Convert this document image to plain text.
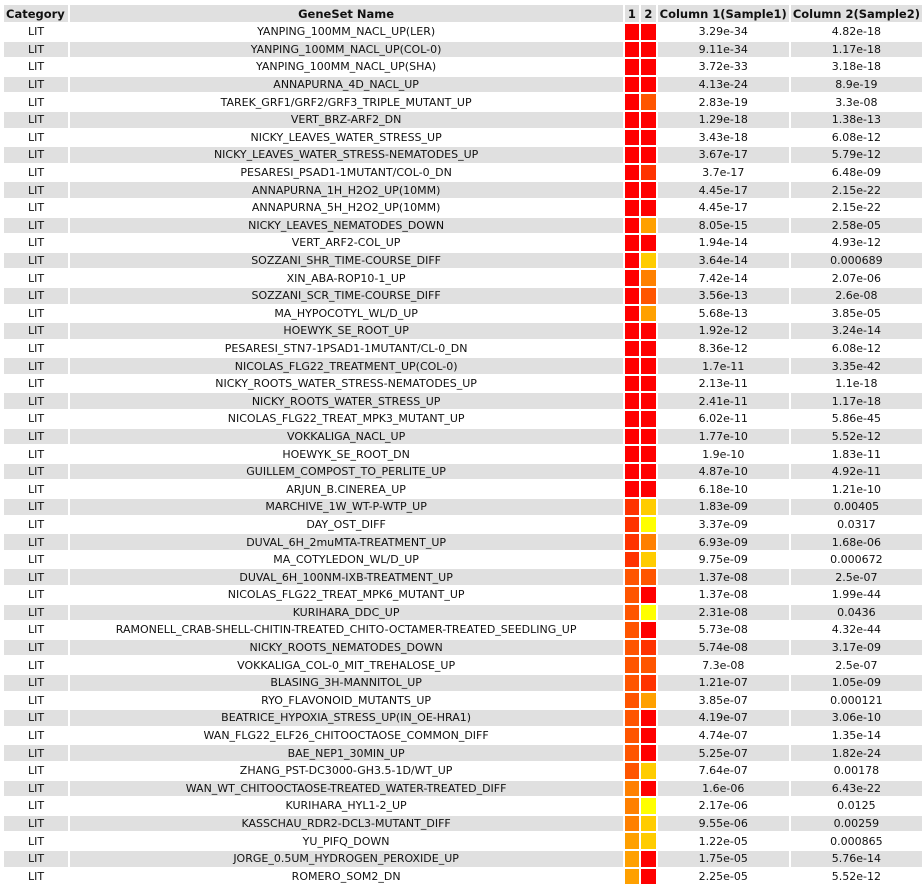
Category	GeneSet Name	1	2	Column 1(Sample1)	Column 2(Sample2)
LIT	YANPING_100MM_NACL_UP(LER)			3.29e-34	4.82e-18
LIT	YANPING_100MM_NACL_UP(COL-0)			9.11e-34	1.17e-18
LIT	YANPING_100MM_NACL_UP(SHA)			3.72e-33	3.18e-18
LIT	ANNAPURNA_4D_NACL_UP			4.13e-24	8.9e-19
LIT	TAREK_GRF1/GRF2/GRF3_TRIPLE_MUTANT_UP			2.83e-19	3.3e-08
LIT	VERT_BRZ-ARF2_DN			1.29e-18	1.38e-13
LIT	NICKY_LEAVES_WATER_STRESS_UP			3.43e-18	6.08e-12
LIT	NICKY_LEAVES_WATER_STRESS-NEMATODES_UP			3.67e-17	5.79e-12
LIT	PESARESI_PSAD1-1MUTANT/COL-0_DN			3.7e-17	6.48e-09
LIT	ANNAPURNA_1H_H2O2_UP(10MM)			4.45e-17	2.15e-22
LIT	ANNAPURNA_5H_H2O2_UP(10MM)			4.45e-17	2.15e-22
LIT	NICKY_LEAVES_NEMATODES_DOWN			8.05e-15	2.58e-05
LIT	VERT_ARF2-COL_UP			1.94e-14	4.93e-12
LIT	SOZZANI_SHR_TIME-COURSE_DIFF			3.64e-14	0.000689
LIT	XIN_ABA-ROP10-1_UP			7.42e-14	2.07e-06
LIT	SOZZANI_SCR_TIME-COURSE_DIFF			3.56e-13	2.6e-08
LIT	MA_HYPOCOTYL_WL/D_UP			5.68e-13	3.85e-05
LIT	HOEWYK_SE_ROOT_UP			1.92e-12	3.24e-14
LIT	PESARESI_STN7-1PSAD1-1MUTANT/CL-0_DN			8.36e-12	6.08e-12
LIT	NICOLAS_FLG22_TREATMENT_UP(COL-0)			1.7e-11	3.35e-42
LIT	NICKY_ROOTS_WATER_STRESS-NEMATODES_UP			2.13e-11	1.1e-18
LIT	NICKY_ROOTS_WATER_STRESS_UP			2.41e-11	1.17e-18
LIT	NICOLAS_FLG22_TREAT_MPK3_MUTANT_UP			6.02e-11	5.86e-45
LIT	VOKKALIGA_NACL_UP			1.77e-10	5.52e-12
LIT	HOEWYK_SE_ROOT_DN			1.9e-10	1.83e-11
LIT	GUILLEM_COMPOST_TO_PERLITE_UP			4.87e-10	4.92e-11
LIT	ARJUN_B.CINEREA_UP			6.18e-10	1.21e-10
LIT	MARCHIVE_1W_WT-P-WTP_UP			1.83e-09	0.00405
LIT	DAY_OST_DIFF			3.37e-09	0.0317
LIT	DUVAL_6H_2muMTA-TREATMENT_UP			6.93e-09	1.68e-06
LIT	MA_COTYLEDON_WL/D_UP			9.75e-09	0.000672
LIT	DUVAL_6H_100NM-IXB-TREATMENT_UP			1.37e-08	2.5e-07
LIT	NICOLAS_FLG22_TREAT_MPK6_MUTANT_UP			1.37e-08	1.99e-44
LIT	KURIHARA_DDC_UP			2.31e-08	0.0436
LIT	RAMONELL_CRAB-SHELL-CHITIN-TREATED_CHITO-OCTAMER-TREATED_SEEDLING_UP			5.73e-08	4.32e-44
LIT	NICKY_ROOTS_NEMATODES_DOWN			5.74e-08	3.17e-09
LIT	VOKKALIGA_COL-0_MIT_TREHALOSE_UP			7.3e-08	2.5e-07
LIT	BLASING_3H-MANNITOL_UP			1.21e-07	1.05e-09
LIT	RYO_FLAVONOID_MUTANTS_UP			3.85e-07	0.000121
LIT	BEATRICE_HYPOXIA_STRESS_UP(IN_OE-HRA1)			4.19e-07	3.06e-10
LIT	WAN_FLG22_ELF26_CHITOOCTAOSE_COMMON_DIFF			4.74e-07	1.35e-14
LIT	BAE_NEP1_30MIN_UP			5.25e-07	1.82e-24
LIT	ZHANG_PST-DC3000-GH3.5-1D/WT_UP			7.64e-07	0.00178
LIT	WAN_WT_CHITOOCTAOSE-TREATED_WATER-TREATED_DIFF			1.6e-06	6.43e-22
LIT	KURIHARA_HYL1-2_UP			2.17e-06	0.0125
LIT	KASSCHAU_RDR2-DCL3-MUTANT_DIFF			9.55e-06	0.00259
LIT	YU_PIFQ_DOWN			1.22e-05	0.000865
LIT	JORGE_0.5UM_HYDROGEN_PEROXIDE_UP			1.75e-05	5.76e-14
LIT	ROMERO_SOM2_DN			2.25e-05	5.52e-12
